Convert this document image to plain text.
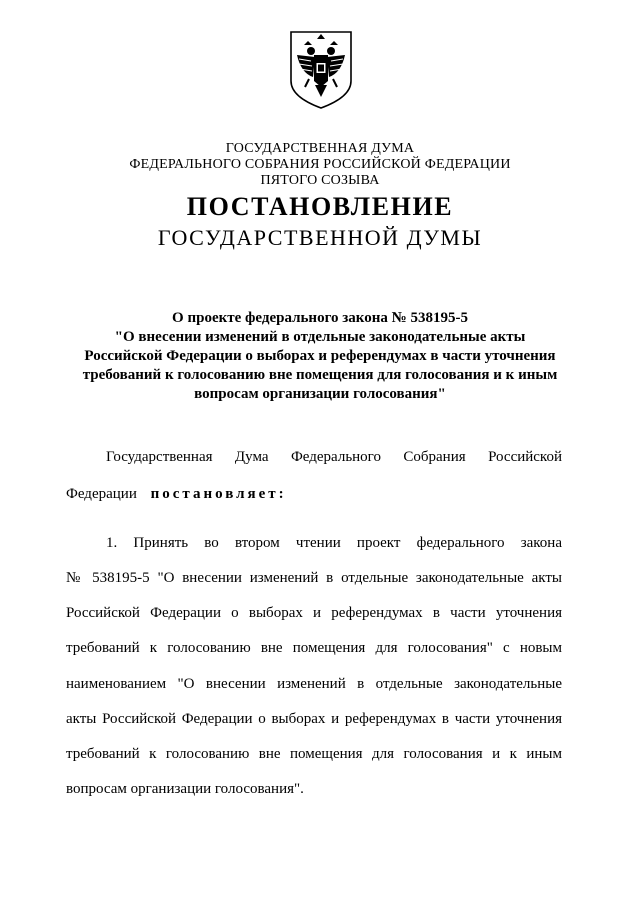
ГОСУДАРСТВЕННАЯ ДУМА
ФЕДЕРАЛЬНОГО СОБРАНИЯ РОССИЙСКОЙ ФЕДЕРАЦИИ
ПЯТОГО СОЗЫВА
ПОСТАНОВЛЕНИЕ
ГОСУДАРСТВЕННОЙ ДУМЫ
О проекте федерального закона № 538195-5
"О внесении изменений в отдельные законодательные акты
Российской Федерации о выборах и референдумах в части уточнения
требований к голосованию вне помещения для голосования и к иным
вопросам организации голосования"
Государственная Дума Федерального Собрания Российской
Федерации постановляет:
1. Принять во втором чтении проект федерального закона
№ 538195-5 "О внесении изменений в отдельные законодательные акты
Российской Федерации о выборах и референдумах в части уточнения
требований к голосованию вне помещения для голосования" с новым
наименованием "О внесении изменений в отдельные законодательные
акты Российской Федерации о выборах и референдумах в части уточнения
требований к голосованию вне помещения для голосования и к иным
вопросам организации голосования".
